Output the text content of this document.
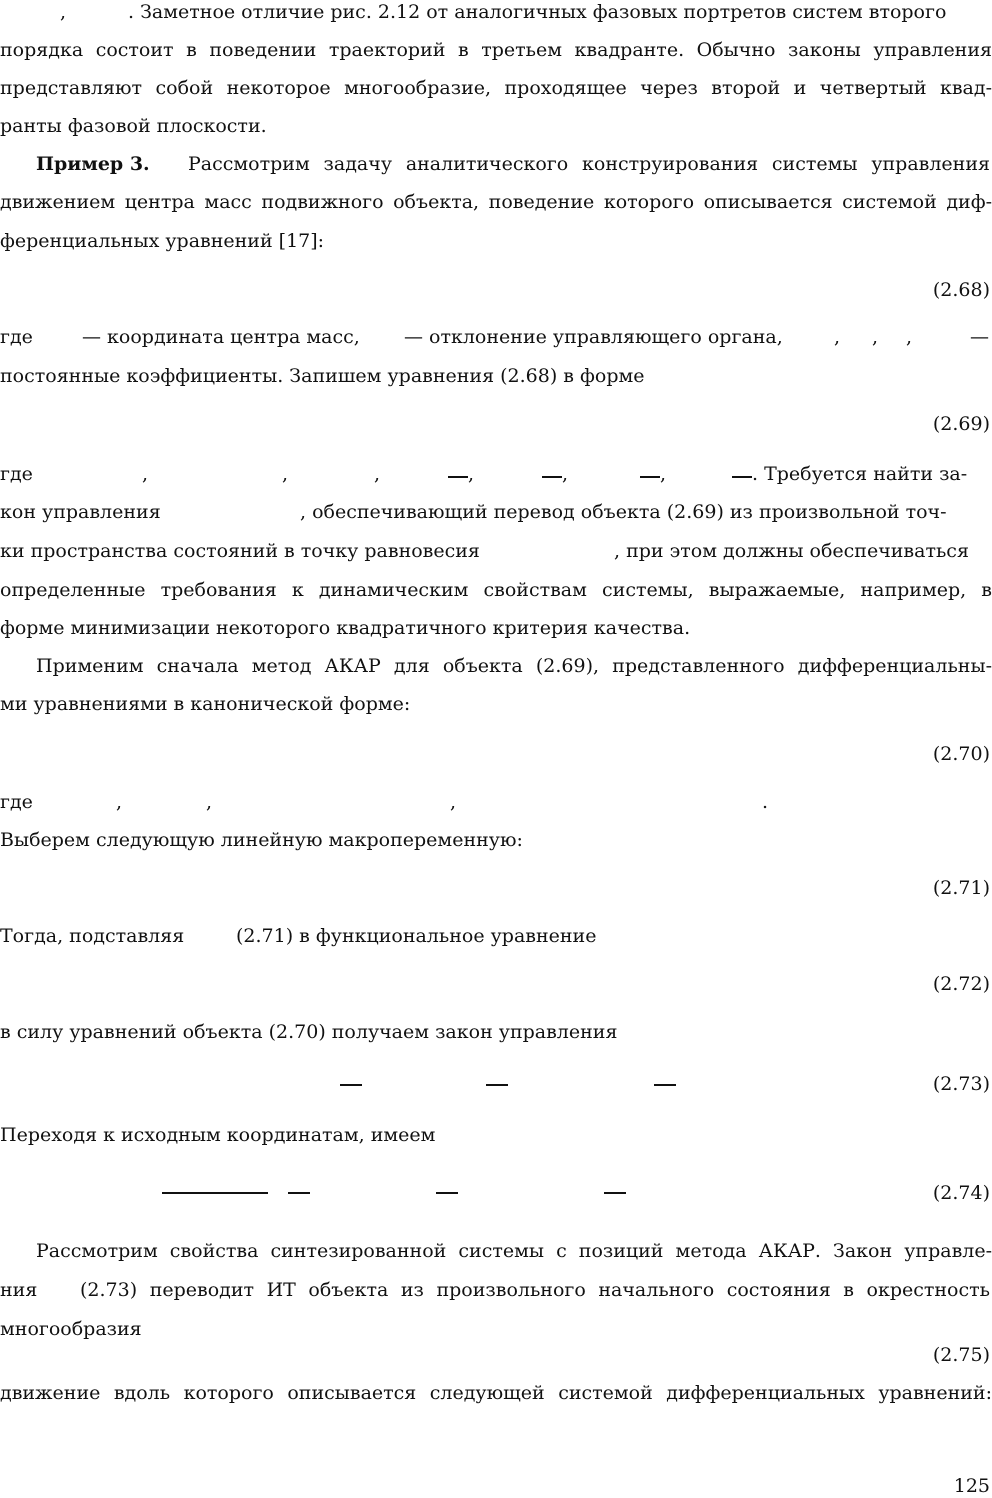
,	. Заметное отличие рис. 2.12 от аналогичных фазовых портретов систем второго
порядка состоит в поведении траекторий в третьем квадранте. Обычно законы управления
представляют собой некоторое многообразие, проходящее через второй и четвертый квад-
ранты фазовой плоскости.
Пример 3. Рассмотрим задачу аналитического конструирования системы управления
движением центра масс подвижного объекта, поведение которого описывается системой диф-
ференциальных уравнений [17]:
(2.68)
где	— координата центра масс, — отклонение управляющего органа,	, , ,	—
постоянные коэффициенты. Запишем уравнения (2.68) в форме
(2.69)
где	,	,	,	,	,	,	. Требуется найти за-
кон управления	, обеспечивающий перевод объекта (2.69) из произвольной точ-
ки пространства состояний в точку равновесия	, при этом должны обеспечиваться
определенные требования к динамическим свойствам системы, выражаемые, например, в
форме минимизации некоторого квадратичного критерия качества.
Применим сначала метод АКАР для объекта (2.69), представленного дифференциальны-
ми уравнениями в канонической форме:
(2.70)
где	,	,	,	.
Выберем следующую линейную макропеременную:
(2.71)
Тогда, подставляя	(2.71) в функциональное уравнение
(2.72)
в силу уравнений объекта (2.70) получаем закон управления
(2.73)
Переходя к исходным координатам, имеем
(2.74)
Рассмотрим свойства синтезированной системы с позиций метода АКАР. Закон управле-
ния (2.73) переводит ИТ объекта из произвольного начального состояния в окрестность
многообразия
(2.75)
движение вдоль которого описывается следующей системой дифференциальных уравнений:
125
